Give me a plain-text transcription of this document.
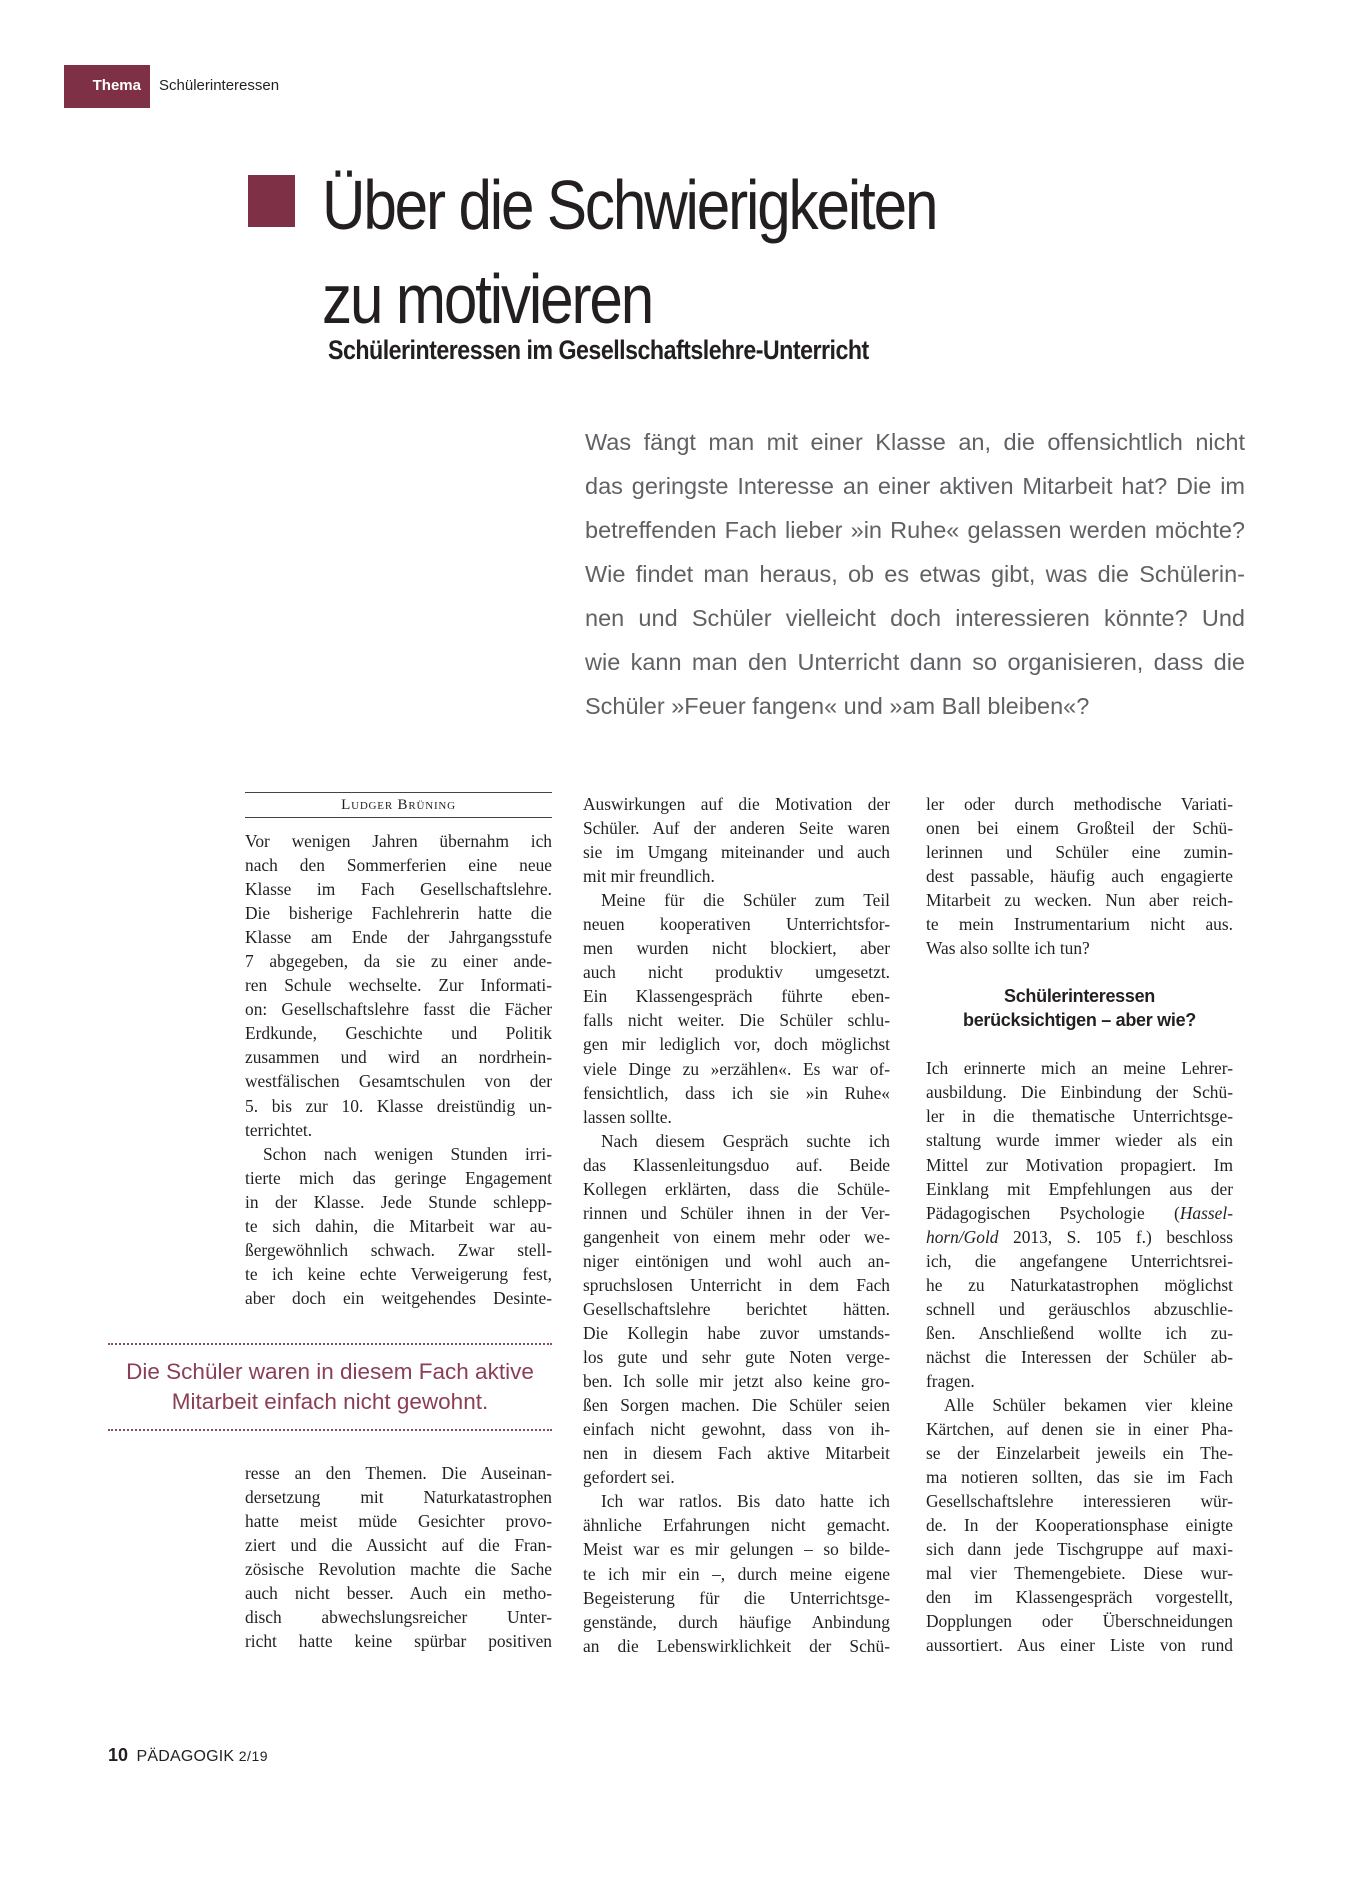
Thema Schülerinteressen
Über die Schwierigkeiten
zu motivieren
Schülerinteressen im Gesellschaftslehre-Unterricht
Was fängt man mit einer Klasse an, die offensichtlich nicht
das geringste Interesse an einer aktiven Mitarbeit hat? Die im
betreffenden Fach lieber »in Ruhe« gelassen werden möchte?
Wie findet man heraus, ob es etwas gibt, was die Schülerin-
nen und Schüler vielleicht doch interessieren könnte? Und
wie kann man den Unterricht dann so organisieren, dass die
Schüler »Feuer fangen« und »am Ball bleiben«?
Ludger Brüning
Vor wenigen Jahren übernahm ich
nach den Sommerferien eine neue
Klasse im Fach Gesellschaftslehre.
Die bisherige Fachlehrerin hatte die
Klasse am Ende der Jahrgangsstufe
7 abgegeben, da sie zu einer ande-
ren Schule wechselte. Zur Informati-
on: Gesellschaftslehre fasst die Fächer
Erdkunde, Geschichte und Politik
zusammen und wird an nordrhein-
westfälischen Gesamtschulen von der
5. bis zur 10. Klasse dreistündig un-
terrichtet.
Schon nach wenigen Stunden irri-
tierte mich das geringe Engagement
in der Klasse. Jede Stunde schlepp-
te sich dahin, die Mitarbeit war au-
ßergewöhnlich schwach. Zwar stell-
te ich keine echte Verweigerung fest,
aber doch ein weitgehendes Desinte-
Die Schüler waren in diesem Fach aktive
Mitarbeit einfach nicht gewohnt.
resse an den Themen. Die Auseinan-
dersetzung mit Naturkatastrophen
hatte meist müde Gesichter provo-
ziert und die Aussicht auf die Fran-
zösische Revolution machte die Sache
auch nicht besser. Auch ein metho-
disch abwechslungsreicher Unter-
richt hatte keine spürbar positiven
Auswirkungen auf die Motivation der
Schüler. Auf der anderen Seite waren
sie im Umgang miteinander und auch
mit mir freundlich.
Meine für die Schüler zum Teil
neuen kooperativen Unterrichtsfor-
men wurden nicht blockiert, aber
auch nicht produktiv umgesetzt.
Ein Klassengespräch führte eben-
falls nicht weiter. Die Schüler schlu-
gen mir lediglich vor, doch möglichst
viele Dinge zu »erzählen«. Es war of-
fensichtlich, dass ich sie »in Ruhe«
lassen sollte.
Nach diesem Gespräch suchte ich
das Klassenleitungsduo auf. Beide
Kollegen erklärten, dass die Schüle-
rinnen und Schüler ihnen in der Ver-
gangenheit von einem mehr oder we-
niger eintönigen und wohl auch an-
spruchslosen Unterricht in dem Fach
Gesellschaftslehre berichtet hätten.
Die Kollegin habe zuvor umstands-
los gute und sehr gute Noten verge-
ben. Ich solle mir jetzt also keine gro-
ßen Sorgen machen. Die Schüler seien
einfach nicht gewohnt, dass von ih-
nen in diesem Fach aktive Mitarbeit
gefordert sei.
Ich war ratlos. Bis dato hatte ich
ähnliche Erfahrungen nicht gemacht.
Meist war es mir gelungen – so bilde-
te ich mir ein –, durch meine eigene
Begeisterung für die Unterrichtsge-
genstände, durch häufige Anbindung
an die Lebenswirklichkeit der Schü-
ler oder durch methodische Variati-
onen bei einem Großteil der Schü-
lerinnen und Schüler eine zumin-
dest passable, häufig auch engagierte
Mitarbeit zu wecken. Nun aber reich-
te mein Instrumentarium nicht aus.
Was also sollte ich tun?
Schülerinteressen
berücksichtigen – aber wie?
Ich erinnerte mich an meine Lehrer-
ausbildung. Die Einbindung der Schü-
ler in die thematische Unterrichtsge-
staltung wurde immer wieder als ein
Mittel zur Motivation propagiert. Im
Einklang mit Empfehlungen aus der
Pädagogischen Psychologie (Hassel-
horn/Gold 2013, S. 105 f.) beschloss
ich, die angefangene Unterrichtsrei-
he zu Naturkatastrophen möglichst
schnell und geräuschlos abzuschlie-
ßen. Anschließend wollte ich zu-
nächst die Interessen der Schüler ab-
fragen.
Alle Schüler bekamen vier kleine
Kärtchen, auf denen sie in einer Pha-
se der Einzelarbeit jeweils ein The-
ma notieren sollten, das sie im Fach
Gesellschaftslehre interessieren wür-
de. In der Kooperationsphase einigte
sich dann jede Tischgruppe auf maxi-
mal vier Themengebiete. Diese wur-
den im Klassengespräch vorgestellt,
Dopplungen oder Überschneidungen
aussortiert. Aus einer Liste von rund
10 PÄDAGOGIK 2/19
